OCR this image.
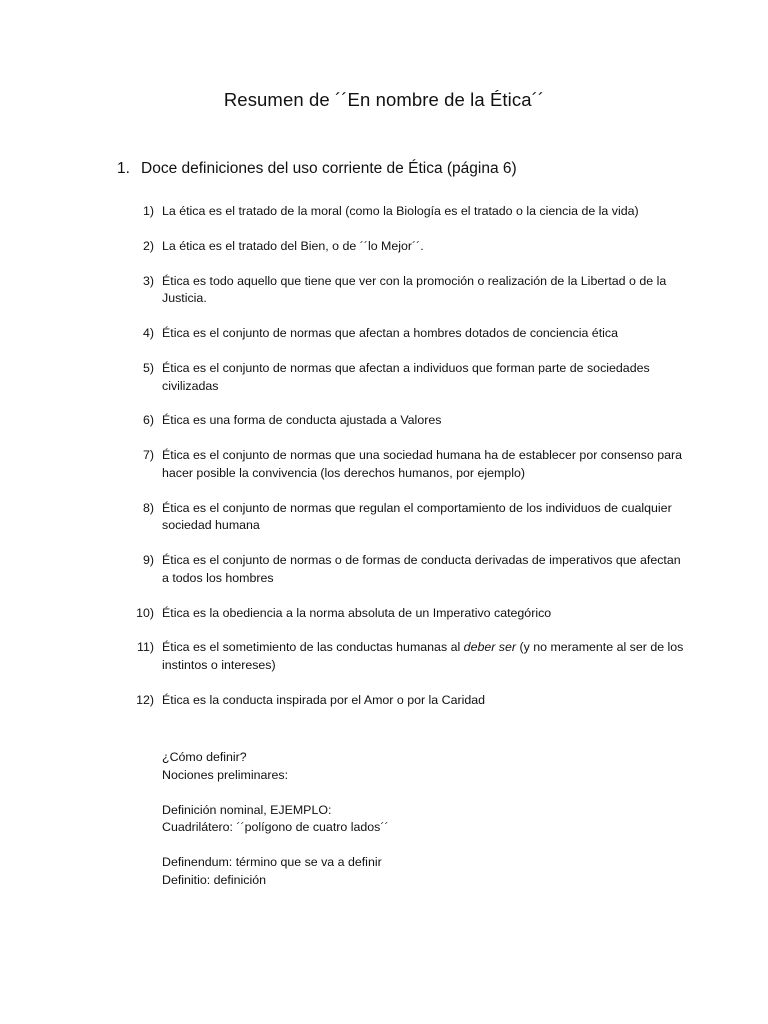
Resumen de ´´En nombre de la Ética´´
1. Doce definiciones del uso corriente de Ética (página 6)
1) La ética es el tratado de la moral (como la Biología es el tratado o la ciencia de la vida)
2) La ética es el tratado del Bien, o de ´´lo Mejor´´.
3) Ética es todo aquello que tiene que ver con la promoción o realización de la Libertad o de la Justicia.
4) Ética es el conjunto de normas que afectan a hombres dotados de conciencia ética
5) Ética es el conjunto de normas que afectan a individuos que forman parte de sociedades civilizadas
6) Ética es una forma de conducta ajustada a Valores
7) Ética es el conjunto de normas que una sociedad humana ha de establecer por consenso para hacer posible la convivencia (los derechos humanos, por ejemplo)
8) Ética es el conjunto de normas que regulan el comportamiento de los individuos de cualquier sociedad humana
9) Ética es el conjunto de normas o de formas de conducta derivadas de imperativos que afectan a todos los hombres
10) Ética es la obediencia a la norma absoluta de un Imperativo categórico
11) Ética es el sometimiento de las conductas humanas al deber ser (y no meramente al ser de los instintos o intereses)
12) Ética es la conducta inspirada por el Amor o por la Caridad
¿Cómo definir?
Nociones preliminares:
Definición nominal, EJEMPLO:
Cuadrilátero: ´´polígono de cuatro lados´´
Definendum: término que se va a definir
Definitio: definición
